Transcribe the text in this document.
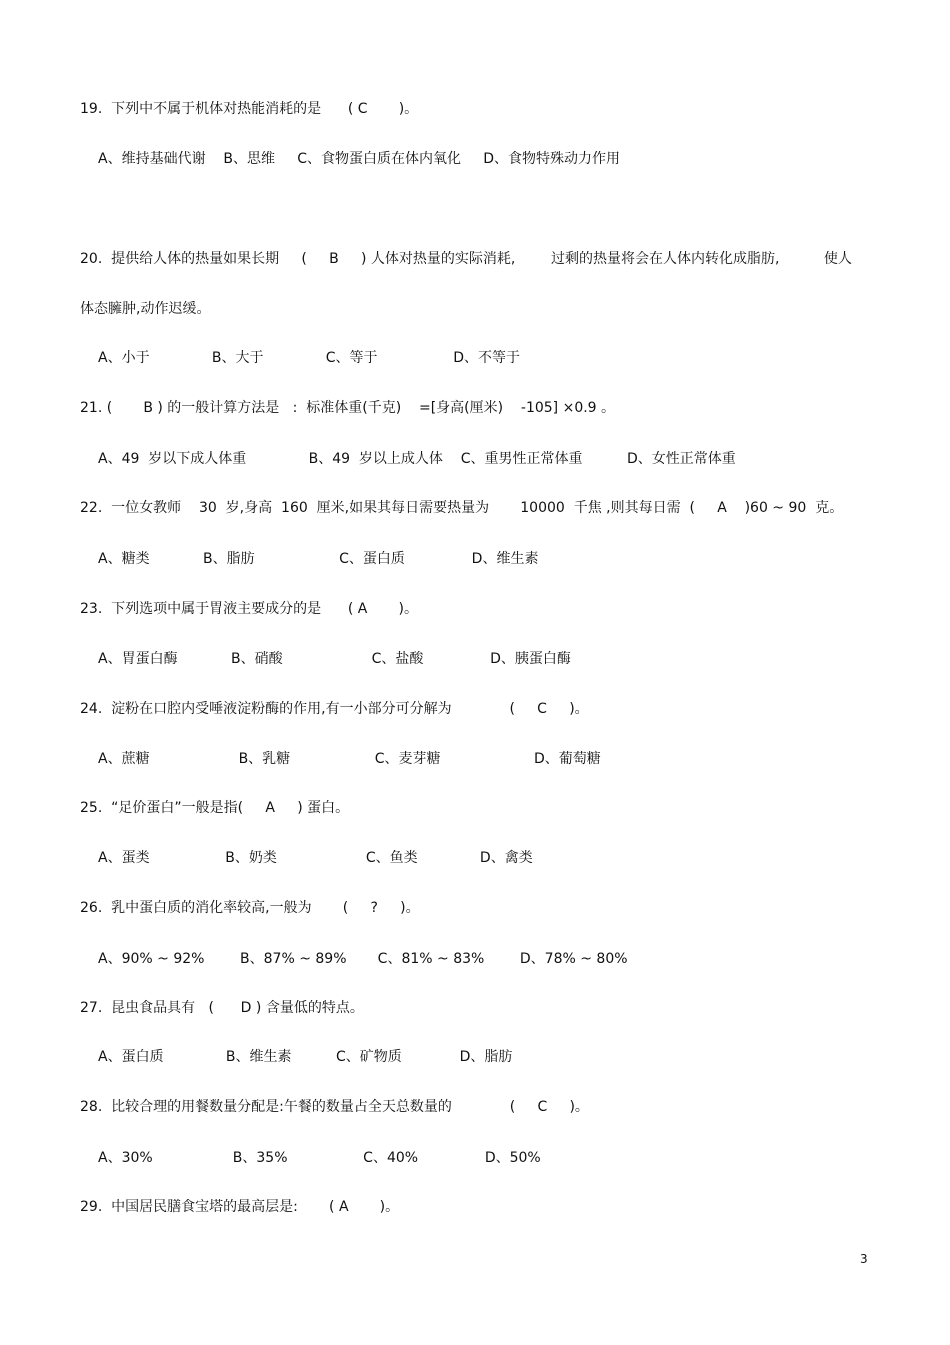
19.  下列中不属于机体对热能消耗的是      ( C       )。
A、维持基础代谢    B、思维     C、食物蛋白质在体内氧化     D、食物特殊动力作用
20.  提供给人体的热量如果长期     (     B     ) 人体对热量的实际消耗,        过剩的热量将会在人体内转化成脂肪,          使人
体态臃肿,动作迟缓。
A、小于              B、大于              C、等于                 D、不等于
21. (       B ) 的一般计算方法是   :  标准体重(千克)    =[身高(厘米)    -105] ×0.9 。
A、49  岁以下成人体重              B、49  岁以上成人体    C、重男性正常体重          D、女性正常体重
22.  一位女教师    30  岁,身高  160  厘米,如果其每日需要热量为       10000  千焦 ,则其每日需  (     A    )60 ~ 90  克。
A、糖类            B、脂肪                   C、蛋白质               D、维生素
23.  下列选项中属于胃液主要成分的是      ( A       )。
A、胃蛋白酶            B、硝酸                    C、盐酸               D、胰蛋白酶
24.  淀粉在口腔内受唾液淀粉酶的作用,有一小部分可分解为             (     C     )。
A、蔗糖                    B、乳糖                   C、麦芽糖                     D、葡萄糖
25.  “足价蛋白”一般是指(     A     ) 蛋白。
A、蛋类                 B、奶类                    C、鱼类              D、禽类
26.  乳中蛋白质的消化率较高,一般为       (     ?     )。
A、90% ~ 92%        B、87% ~ 89%       C、81% ~ 83%        D、78% ~ 80%
27.  昆虫食品具有   (      D ) 含量低的特点。
A、蛋白质              B、维生素          C、矿物质             D、脂肪
28.  比较合理的用餐数量分配是:午餐的数量占全天总数量的             (     C     )。
A、30%                  B、35%                 C、40%               D、50%
29.  中国居民膳食宝塔的最高层是:       ( A       )。
3
